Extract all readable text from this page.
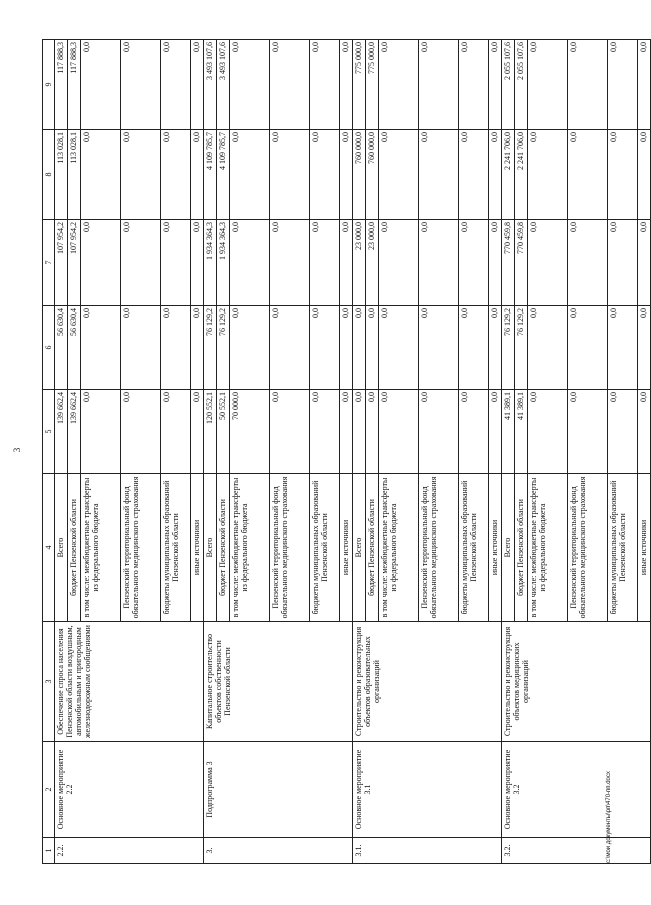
3
1	2	3	4	5	6	7	8	9
2.2.	Основное мероприятие 2.2	Обеспечение спроса населения Пензенской области воздушным, автомобильным и пригородным железнодорожным сообщениями	Всего	139 662,4	56 630,4	107 954,2	113 028,1	117 888,3
			бюджет Пензенской области	139 662,4	56 630,4	107 954,2	113 028,1	117 888,3
			в том числе: межбюджетные трансферты из федерального бюджета	0,0	0,0	0,0	0,0	0,0
			Пензенский территориальный фонд обязательного медицинского страхования	0,0	0,0	0,0	0,0	0,0
			бюджеты муниципальных образований Пензенской области	0,0	0,0	0,0	0,0	0,0
			иные источники	0,0	0,0	0,0	0,0	0,0
3.	Подпрограмма 3	Капитальное строительство объектов собственности Пензенской области	Всего	120 552,1	76 129,2	1 934 364,3	4 109 785,7	3 493 107,6
			бюджет Пензенской области	50 552,1	76 129,2	1 934 364,3	4 109 785,7	3 493 107,6
			в том числе: межбюджетные трансферты из федерального бюджета	70 000,0	0,0	0,0	0,0	0,0
			Пензенский территориальный фонд обязательного медицинского страхования	0,0	0,0	0,0	0,0	0,0
			бюджеты муниципальных образований Пензенской области	0,0	0,0	0,0	0,0	0,0
			иные источники	0,0	0,0	0,0	0,0	0,0
3.1.	Основное мероприятие 3.1	Строительство и реконструкция объектов образовательных организаций	Всего	0,0	0,0	23 000,0	760 000,0	775 000,0
			бюджет Пензенской области	0,0	0,0	23 000,0	760 000,0	775 000,0
			в том числе: межбюджетные трансферты из федерального бюджета	0,0	0,0	0,0	0,0	0,0
			Пензенский территориальный фонд обязательного медицинского страхования	0,0	0,0	0,0	0,0	0,0
			бюджеты муниципальных образований Пензенской области	0,0	0,0	0,0	0,0	0,0
			иные источники	0,0	0,0	0,0	0,0	0,0
3.2.	Основное мероприятие 3.2	Строительство и реконструкция объектов медицинских организаций	Всего	41 389,1	76 129,2	770 459,8	2 241 706,0	2 055 107,6
			бюджет Пензенской области	41 389,1	76 129,2	770 459,8	2 241 706,0	2 055 107,6
			в том числе: межбюджетные трансферты из федерального бюджета	0,0	0,0	0,0	0,0	0,0
			Пензенский территориальный фонд обязательного медицинского страхования	0,0	0,0	0,0	0,0	0,0
			бюджеты муниципальных образований Пензенской области	0,0	0,0	0,0	0,0	0,0
			иные источники	0,0	0,0	0,0	0,0	0,0
c:\мои документы\рп\470-пп.docx
